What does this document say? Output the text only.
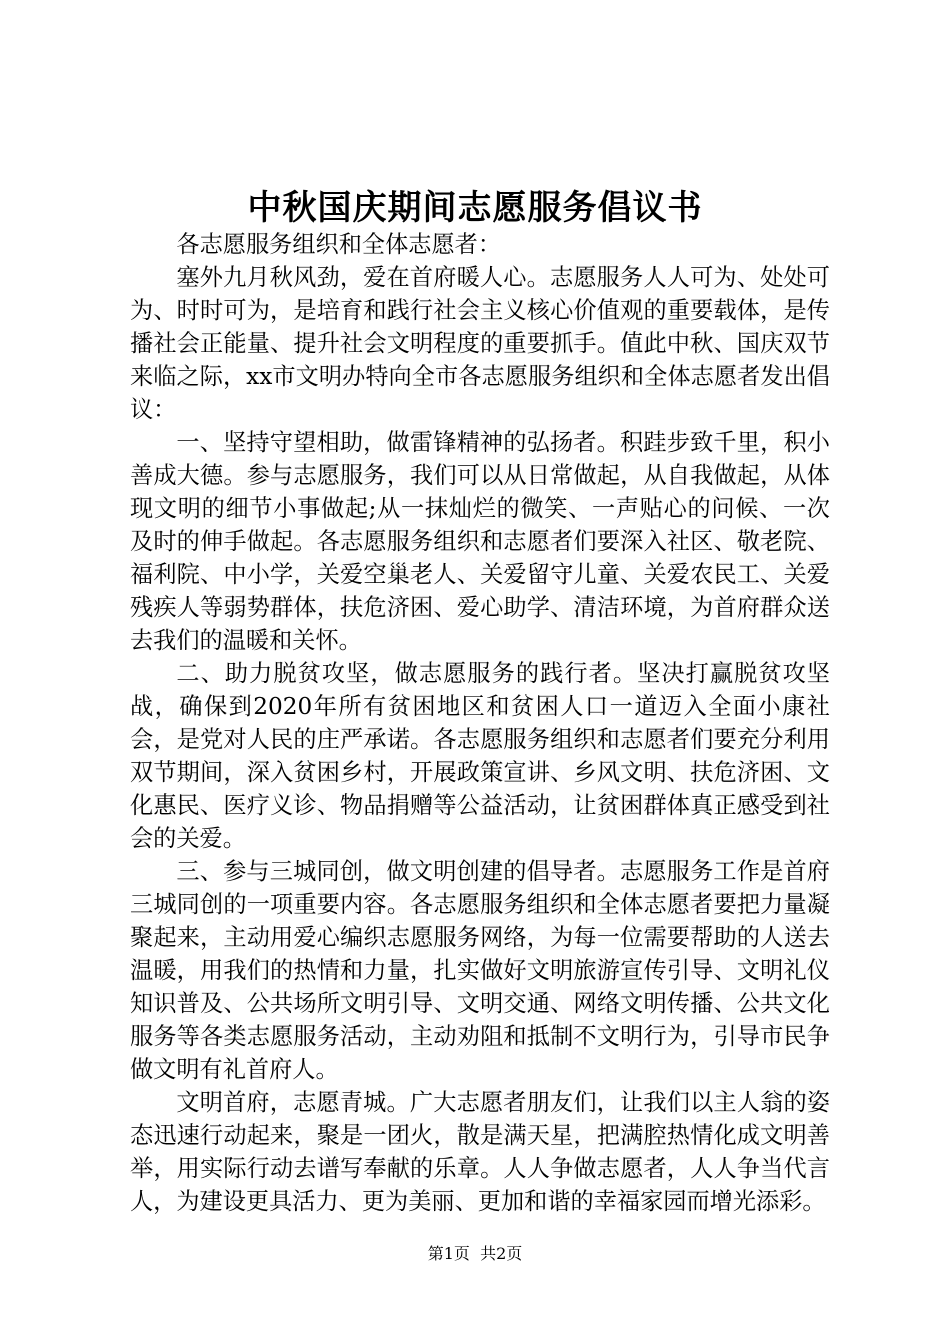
中秋国庆期间志愿服务倡议书

各志愿服务组织和全体志愿者：

塞外九月秋风劲，爱在首府暖人心。志愿服务人人可为、处处可为、时时可为，是培育和践行社会主义核心价值观的重要载体，是传播社会正能量、提升社会文明程度的重要抓手。值此中秋、国庆双节来临之际，xx市文明办特向全市各志愿服务组织和全体志愿者发出倡议：

一、坚持守望相助，做雷锋精神的弘扬者。积跬步致千里，积小善成大德。参与志愿服务，我们可以从日常做起，从自我做起，从体现文明的细节小事做起;从一抹灿烂的微笑、一声贴心的问候、一次及时的伸手做起。各志愿服务组织和志愿者们要深入社区、敬老院、福利院、中小学，关爱空巢老人、关爱留守儿童、关爱农民工、关爱残疾人等弱势群体，扶危济困、爱心助学、清洁环境，为首府群众送去我们的温暖和关怀。

二、助力脱贫攻坚，做志愿服务的践行者。坚决打赢脱贫攻坚战，确保到2020年所有贫困地区和贫困人口一道迈入全面小康社会，是党对人民的庄严承诺。各志愿服务组织和志愿者们要充分利用双节期间，深入贫困乡村，开展政策宣讲、乡风文明、扶危济困、文化惠民、医疗义诊、物品捐赠等公益活动，让贫困群体真正感受到社会的关爱。

三、参与三城同创，做文明创建的倡导者。志愿服务工作是首府三城同创的一项重要内容。各志愿服务组织和全体志愿者要把力量凝聚起来，主动用爱心编织志愿服务网络，为每一位需要帮助的人送去温暖，用我们的热情和力量，扎实做好文明旅游宣传引导、文明礼仪知识普及、公共场所文明引导、文明交通、网络文明传播、公共文化服务等各类志愿服务活动，主动劝阻和抵制不文明行为，引导市民争做文明有礼首府人。

文明首府，志愿青城。广大志愿者朋友们，让我们以主人翁的姿态迅速行动起来，聚是一团火，散是满天星，把满腔热情化成文明善举，用实际行动去谱写奉献的乐章。人人争做志愿者，人人争当代言人，为建设更具活力、更为美丽、更加和谐的幸福家园而增光添彩。

第1页  共2页
